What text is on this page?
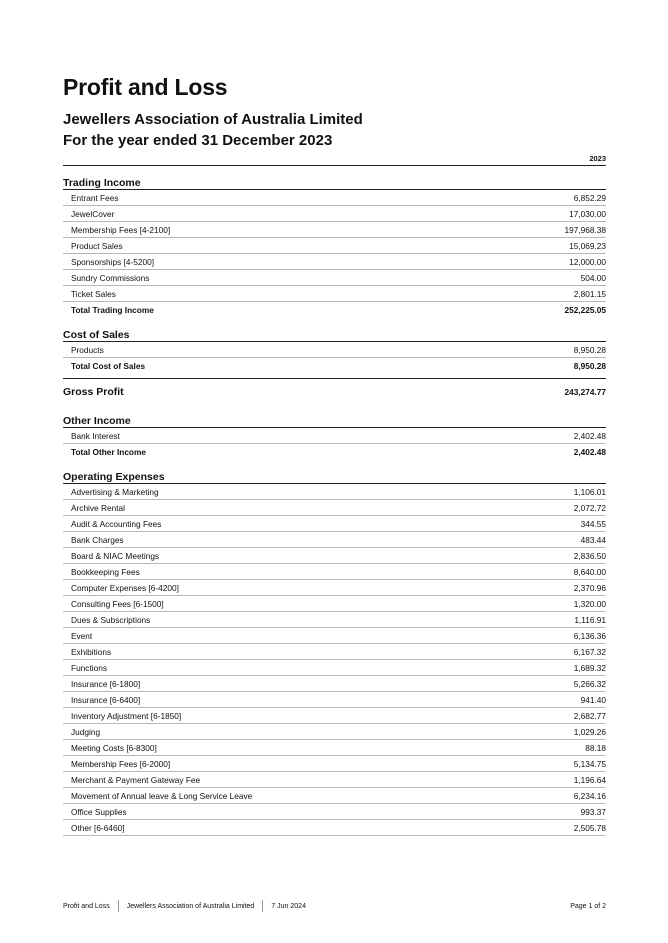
Profit and Loss
Jewellers Association of Australia Limited
For the year ended 31 December 2023
2023
Trading Income
Entrant Fees	6,852.29
JewelCover	17,030.00
Membership Fees [4-2100]	197,968.38
Product Sales	15,069.23
Sponsorships [4-5200]	12,000.00
Sundry Commissions	504.00
Ticket Sales	2,801.15
Total Trading Income	252,225.05
Cost of Sales
Products	8,950.28
Total Cost of Sales	8,950.28
Gross Profit	243,274.77
Other Income
Bank Interest	2,402.48
Total Other Income	2,402.48
Operating Expenses
Advertising & Marketing	1,106.01
Archive Rental	2,072.72
Audit & Accounting Fees	344.55
Bank Charges	483.44
Board & NIAC Meetings	2,836.50
Bookkeeping Fees	8,640.00
Computer Expenses [6-4200]	2,370.96
Consulting Fees [6-1500]	1,320.00
Dues & Subscriptions	1,116.91
Event	6,136.36
Exhibitions	6,167.32
Functions	1,689.32
Insurance [6-1800]	5,266.32
Insurance [6-6400]	941.40
Inventory Adjustment [6-1850]	2,682.77
Judging	1,029.26
Meeting Costs [6-8300]	88.18
Membership Fees [6-2000]	5,134.75
Merchant & Payment Gateway Fee	1,196.64
Movement of Annual leave & Long Service Leave	6,234.16
Office Supplies	993.37
Other [6-6460]	2,505.78
Profit and Loss Jewellers Association of Australia Limited 7 Jun 2024	Page 1 of 2
